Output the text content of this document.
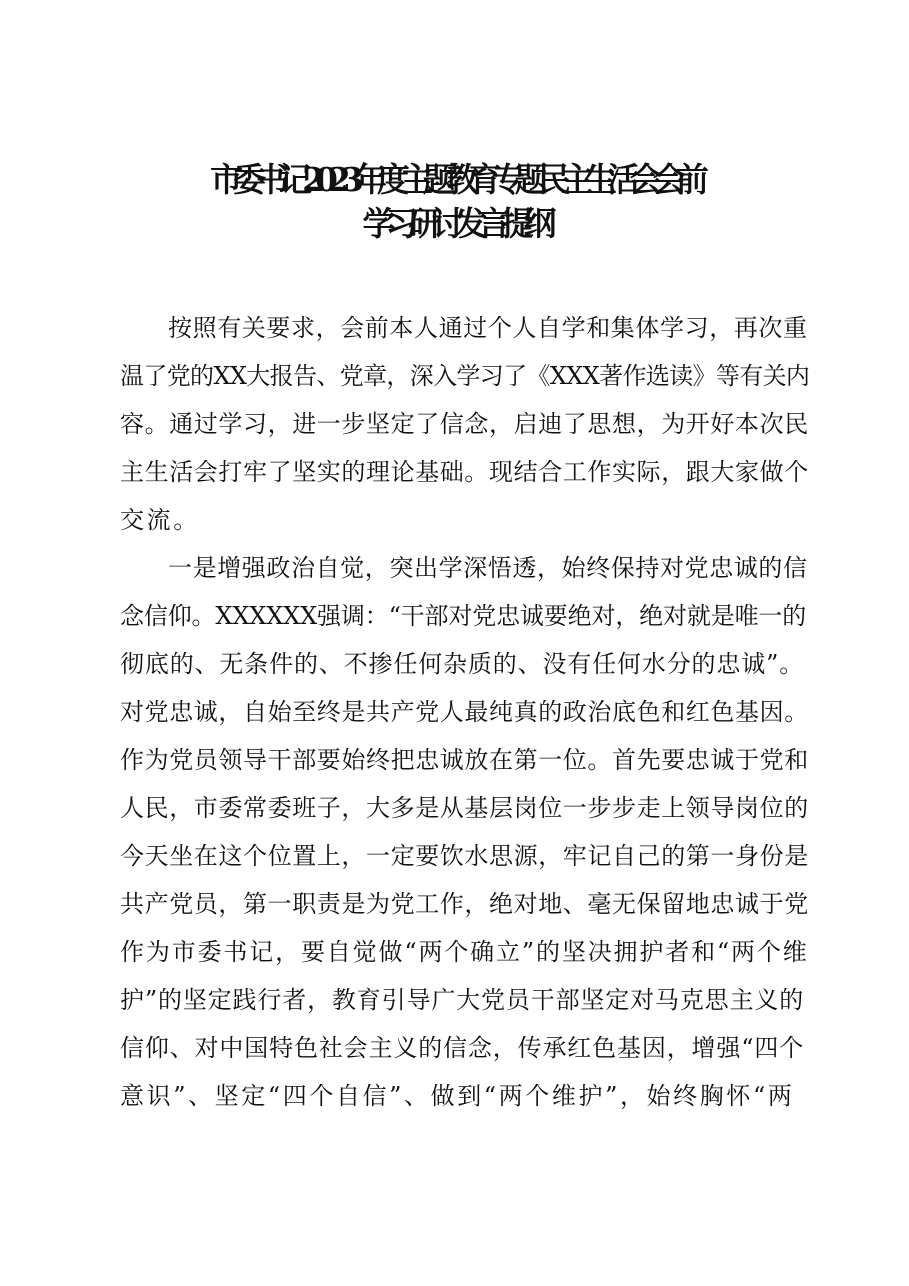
市委书记2023年度主题教育专题民主生活会会前
学习研讨发言提纲
按照有关要求，会前本人通过个人自学和集体学习，再次重
温了党的XX大报告、党章，深入学习了《XXX著作选读》等有关内
容。通过学习，进一步坚定了信念，启迪了思想，为开好本次民
主生活会打牢了坚实的理论基础。现结合工作实际，跟大家做个
交流。
一是增强政治自觉，突出学深悟透，始终保持对党忠诚的信
念信仰。XXXXXX强调：“干部对党忠诚要绝对，绝对就是唯一的
彻底的、无条件的、不掺任何杂质的、没有任何水分的忠诚”。
对党忠诚，自始至终是共产党人最纯真的政治底色和红色基因。
作为党员领导干部要始终把忠诚放在第一位。首先要忠诚于党和
人民，市委常委班子，大多是从基层岗位一步步走上领导岗位的
今天坐在这个位置上，一定要饮水思源，牢记自己的第一身份是
共产党员，第一职责是为党工作，绝对地、毫无保留地忠诚于党
作为市委书记，要自觉做“两个确立”的坚决拥护者和“两个维
护”的坚定践行者，教育引导广大党员干部坚定对马克思主义的
信仰、对中国特色社会主义的信念，传承红色基因，增强“四个
意识”、坚定“四个自信”、做到“两个维护”，始终胸怀“两
